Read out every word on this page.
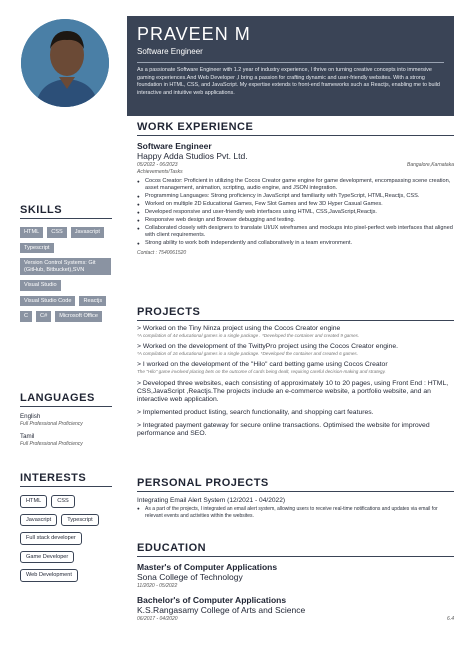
PRAVEEN M
Software Engineer
As a passionate Software Engineer with 1.2 year of industry experience, I thrive on turning creative concepts into immersive gaming experiences.And Web Developer ,I bring a passion for crafting dynamic and user-friendly websites. With a strong foundation in HTML, CSS, and JavaScript. My expertise extends to front-end frameworks such as Reactjs, enabling me to build interactive and intuitive web applications.
WORK EXPERIENCE
Software Engineer
Happy Adda Studios Pvt. Ltd.
05/2022 - 06/2023	Bangalore,Karnataka
Achievements/Tasks
● Cocos Creator: Proficient in utilizing the Cocos Creator game engine for game development, encompassing scene creation, asset management, animation, scripting, audio engine, and JSON integration.
● Programming Languages: Strong proficiency in JavaScript and familiarity with TypeScript, HTML,Reactjs, CSS.
● Worked on multiple 2D Educational Games, Few Slot Games and few 3D Hyper Casual Games.
● Developed responsive and user-friendly web interfaces using HTML, CSS,JavaScript,Reactjs.
● Responsive web design and Browser debugging and testing.
● Collaborated closely with designers to translate UI/UX wireframes and mockups into pixel-perfect web interfaces that aligned with client requirements.
● Strong ability to work both independently and collaboratively in a team environment.
Contact : 7540061520
PROJECTS
> Worked on the Tiny Ninza project using the Cocos Creator engine
*A compilation of 44 educational games in a single package . *Developed the container and created 9 games.
> Worked on the development of the TwittyPro project using the Cocos Creator engine.
*A compilation of 16 educational games in a single package. *Developed the container and created 6 games.
> I worked on the development of the "Hilo" card betting game using Cocos Creator
The "Hilo" game involved placing bets on the outcome of cards being dealt, requiring careful decision-making and strategy.
> Developed three websites, each consisting of approximately 10 to 20 pages, using Front End : HTML, CSS,JavaScript ,Reactjs.The projects include an e-commerce website, a portfolio website, and an interactive web application.
> Implemented product listing, search functionality, and shopping cart features.
> Integrated payment gateway for secure online transactions. Optimised the website for improved performance and SEO.
PERSONAL PROJECTS
Integrating Email Alert System (12/2021 - 04/2022)
● As a part of the projects, I integrated an email alert system, allowing users to receive real-time notifications and updates via email for relevant events and activities within the websites.
EDUCATION
Master's of Computer Applications
Sona College of Technology
11/2020 - 05/2022
Bachelor's of Computer Applications
K.S.Rangasamy College of Arts and Science
06/2017 - 04/2020	6.4
SKILLS
HTML	CSS	Javascript
Typescript
Version Control Systems: Git (GitHub, Bitbucket),SVN
Visual Studio
Visual Studio Code	Reactjs
C	C#	Microsoft Office
LANGUAGES
English
Full Professional Proficiency
Tamil
Full Professional Proficiency
INTERESTS
HTML	CSS
Javascript	Typescript
Full stack developer
Game Developer
Web Development
